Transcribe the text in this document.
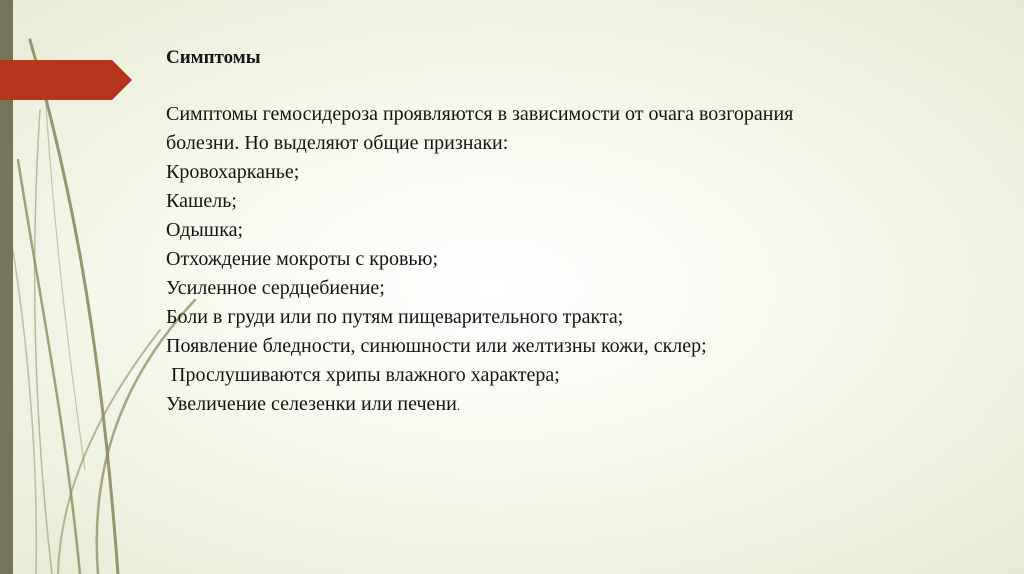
Симптомы

Симптомы гемосидероза проявляются в зависимости от очага возгорания болезни. Но выделяют общие признаки:

Кровохарканье;
Кашель;
Одышка;
Отхождение мокроты с кровью;
Усиленное сердцебиение;
Боли в груди или по путям пищеварительного тракта;
Появление бледности, синюшности или желтизны кожи, склер;
Прослушиваются хрипы влажного характера;
Увеличение селезенки или печени.
